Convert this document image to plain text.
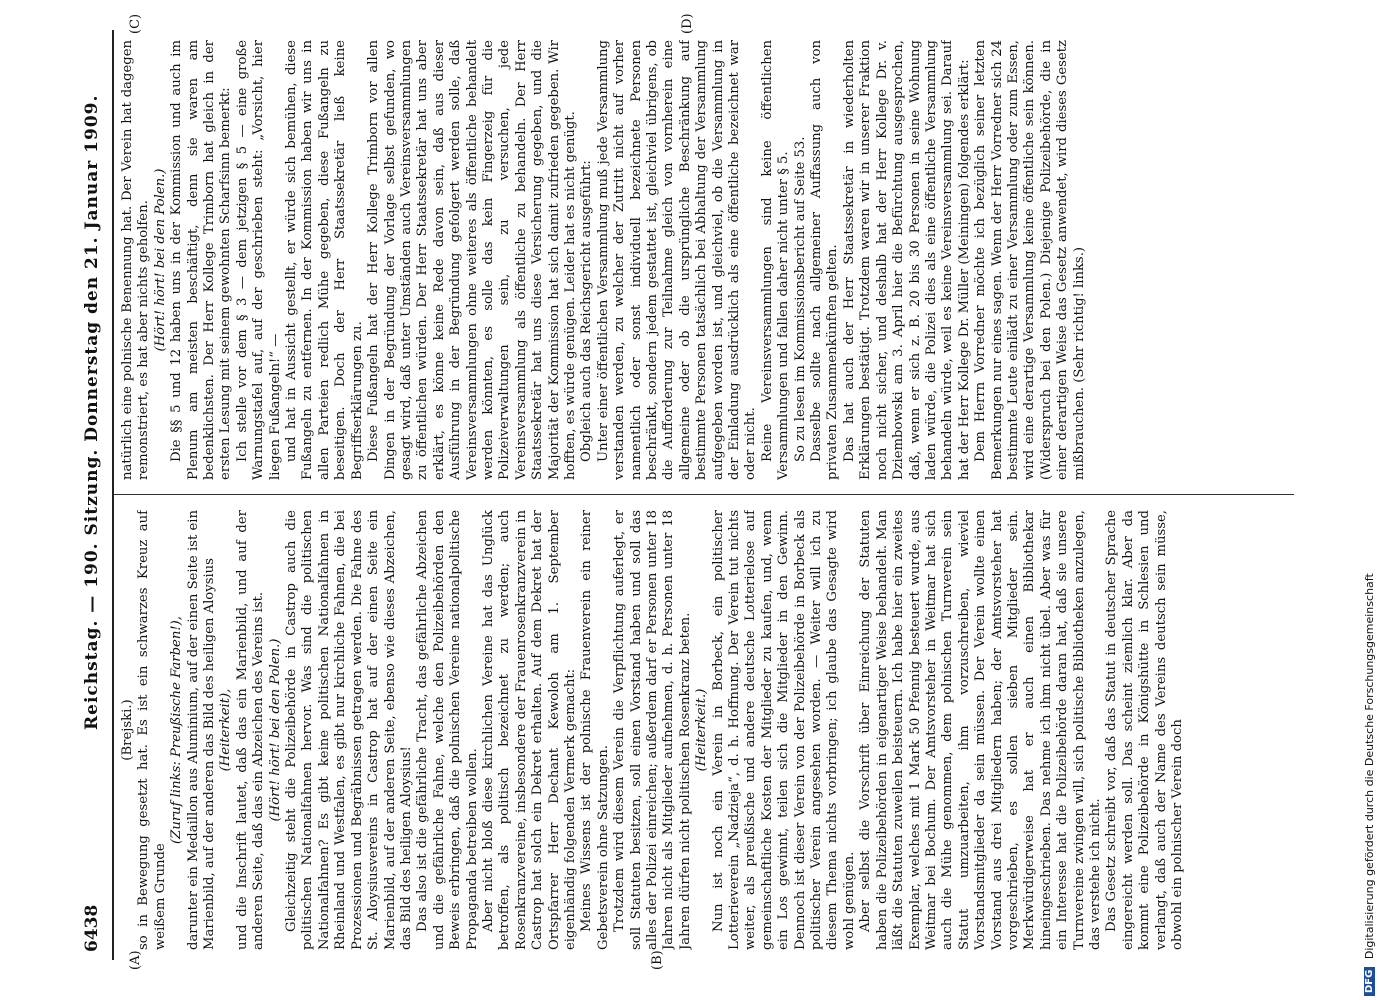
6438
Reichstag. — 190. Sitzung. Donnerstag den 21. Januar 1909.
(A)	(B)
(C)	(D)

(Brejski.) so in Bewegung gesetzt hat. Es ist ein schwarzes Kreuz auf weißem Grunde

(Zuruf links: Preußische Farben!), darunter ein Medaillon aus Aluminium, auf der einen Seite ist ein Marienbild, auf der anderen das Bild des heiligen Aloysius (Heiterkeit), und die Inschrift lautet, daß das ein Marienbild, und auf der anderen Seite, daß das ein Abzeichen des Vereins ist. (Hört! hört! bei den Polen.) Gleichzeitig steht die Polizeibehörde in Castrop auch die politischen Nationalfahnen hervor. Was sind die politischen Nationalfahnen? Es gibt keine politischen Nationalfahnen in Rheinland und Westfalen, es gibt nur kirchliche Fahnen, die bei Prozessionen und Begräbnissen getragen werden. Die Fahne des St. Aloysiusvereins in Castrop hat auf der einen Seite ein Marienbild, auf der anderen Seite, ebenso wie dieses Abzeichen, das Bild des heiligen Aloysius! Das also ist die gefährliche Tracht, das gefährliche Abzeichen und die gefährliche Fahne, welche den Polizeibehörden den Beweis erbringen, daß die polnischen Vereine nationalpolitische Propaganda betreiben wollen. Aber nicht bloß diese kirchlichen Vereine hat das Unglück betroffen, als politisch bezeichnet zu werden; auch Rosenkranzvereine, insbesondere der Frauenrosenkranzverein in Castrop hat solch ein Dekret erhalten. Auf dem Dekret hat der Ortspfarrer Herr Dechant Kewoloh am 1. September eigenhändig folgenden Vermerk gemacht: Meines Wissens ist der polnische Frauenverein ein reiner Gebetsverein ohne Satzungen. Trotzdem wird diesem Verein die Verpflichtung auferlegt, er soll Statuten besitzen, soll einen Vorstand haben und soll das alles der Polizei einreichen; außerdem darf er Personen unter 18 Jahren nicht als Mitglieder aufnehmen, d. h. Personen unter 18 Jahren dürfen nicht politischen Rosenkranz beten. (Heiterkeit.) Nun ist noch ein Verein in Borbeck, ein politischer Lotterieverein „Nadzieja“, d. h. Hoffnung. Der Verein tut nichts weiter, als preußische und andere deutsche Lotterielose auf gemeinschaftliche Kosten der Mitglieder zu kaufen, und, wenn ein Los gewinnt, teilen sich die Mitglieder in den Gewinn. Dennoch ist dieser Verein von der Polizeibehörde in Borbeck als politischer Verein angesehen worden. — Weiter will ich zu diesem Thema nichts vorbringen; ich glaube das Gesagte wird wohl genügen. Aber selbst die Vorschrift über Einreichung der Statuten haben die Polizeibehörden in eigenartiger Weise behandelt. Man läßt die Statuten zuweilen beisteuern. Ich habe hier ein zweites Exemplar, welches mit 1 Mark 50 Pfennig besteuert wurde, aus Weitmar bei Bochum. Der Amtsvorsteher in Weitmar hat sich auch die Mühe genommen, dem polnischen Turnverein sein Statut umzuarbeiten, ihm vorzuschreiben, wieviel Vorstandsmitglieder da sein müssen. Der Verein wollte einen Vorstand aus drei Mitgliedern haben; der Amtsvorsteher hat vorgeschrieben, es sollen sieben Mitglieder sein. Merkwürdigerweise hat er auch einen Bibliothekar hineingeschrieben. Das nehme ich ihm nicht übel. Aber was für ein Interesse hat die Polizeibehörde daran hat, daß sie unsere Turnvereine zwingen will, sich politische Bibliotheken anzulegen, das verstehe ich nicht. Das Gesetz schreibt vor, daß das Statut in deutscher Sprache eingereicht werden soll. Das scheint ziemlich klar. Aber da kommt eine Polizeibehörde in Königshütte in Schlesien und verlangt, daß auch der Name des Vereins deutsch sein müsse, obwohl ein polnischer Verein doch

natürlich eine polnische Benennung hat. Der Verein hat dagegen remonstriert, es hat aber nichts geholfen. (Hört! hört! bei den Polen.) Die §§ 5 und 12 haben uns in der Kommission und auch im Plenum am meisten beschäftigt, denn sie waren am bedenklichsten. Der Herr Kollege Trimborn hat gleich in der ersten Lesung mit seinem gewohnten Scharfsinn bemerkt: Ich stelle vor dem § 3 — dem jetzigen § 5 — eine große Warnungstafel auf, auf der geschrieben steht: „Vorsicht, hier liegen Fußangeln!“ — und hat in Aussicht gestellt, er würde sich bemühen, diese Fußangeln zu entfernen. In der Kommission haben wir uns in allen Parteien redlich Mühe gegeben, diese Fußangeln zu beseitigen. Doch der Herr Staatssekretär ließ keine Begriffserklärungen zu. Diese Fußangeln hat der Herr Kollege Trimborn vor allen Dingen in der Begründung der Vorlage selbst gefunden, wo gesagt wird, daß unter Umständen auch Vereinsversammlungen zu öffentlichen würden. Der Herr Staatssekretär hat uns aber erklärt, es könne keine Rede davon sein, daß aus dieser Ausführung in der Begründung gefolgert werden solle, daß Vereinsversammlungen ohne weiteres als öffentliche behandelt werden könnten, es solle das kein Fingerzeig für die Polizeiverwaltungen sein, zu versuchen, jede Vereinsversammlung als öffentliche zu behandeln. Der Herr Staatssekretär hat uns diese Versicherung gegeben, und die Majorität der Kommission hat sich damit zufrieden gegeben. Wir hofften, es würde genügen. Leider hat es nicht genügt. Obgleich auch das Reichsgericht ausgeführt: Unter einer öffentlichen Versammlung muß jede Versammlung verstanden werden, zu welcher der Zutritt nicht auf vorher namentlich oder sonst individuell bezeichnete Personen beschränkt, sondern jedem gestattet ist, gleichviel übrigens, ob die Aufforderung zur Teilnahme gleich von vornherein eine allgemeine oder ob die ursprüngliche Beschränkung auf bestimmte Personen tatsächlich bei Abhaltung der Versammlung aufgegeben worden ist, und gleichviel, ob die Versammlung in der Einladung ausdrücklich als eine öffentliche bezeichnet war oder nicht. Reine Vereinsversammlungen sind keine öffentlichen Versammlungen und fallen daher nicht unter § 5. So zu lesen im Kommissionsbericht auf Seite 53. Dasselbe sollte nach allgemeiner Auffassung auch von privaten Zusammenkünften gelten. Das hat auch der Herr Staatssekretär in wiederholten Erklärungen bestätigt. Trotzdem waren wir in unserer Fraktion noch nicht sicher, und deshalb hat der Herr Kollege Dr. v. Dziembowski am 3. April hier die Befürchtung ausgesprochen, daß, wenn er sich z. B. 20 bis 30 Personen in seine Wohnung laden würde, die Polizei dies als eine öffentliche Versammlung behandeln würde, weil es keine Vereinsversammlung sei. Darauf hat der Herr Kollege Dr. Müller (Meiningen) folgendes erklärt: Dem Herrn Vorredner möchte ich bezüglich seiner letzten Bemerkungen nur eines sagen. Wenn der Herr Vorredner sich 24 bestimmte Leute einlädt zu einer Versammlung oder zum Essen, wird eine derartige Versammlung keine öffentliche sein können. (Widerspruch bei den Polen.) Diejenige Polizeibehörde, die in einer derartigen Weise das Gesetz anwendet, wird dieses Gesetz mißbrauchen. (Sehr richtig! links.)

DFG Digitalisierung gefördert durch die Deutsche Forschungsgemeinschaft
